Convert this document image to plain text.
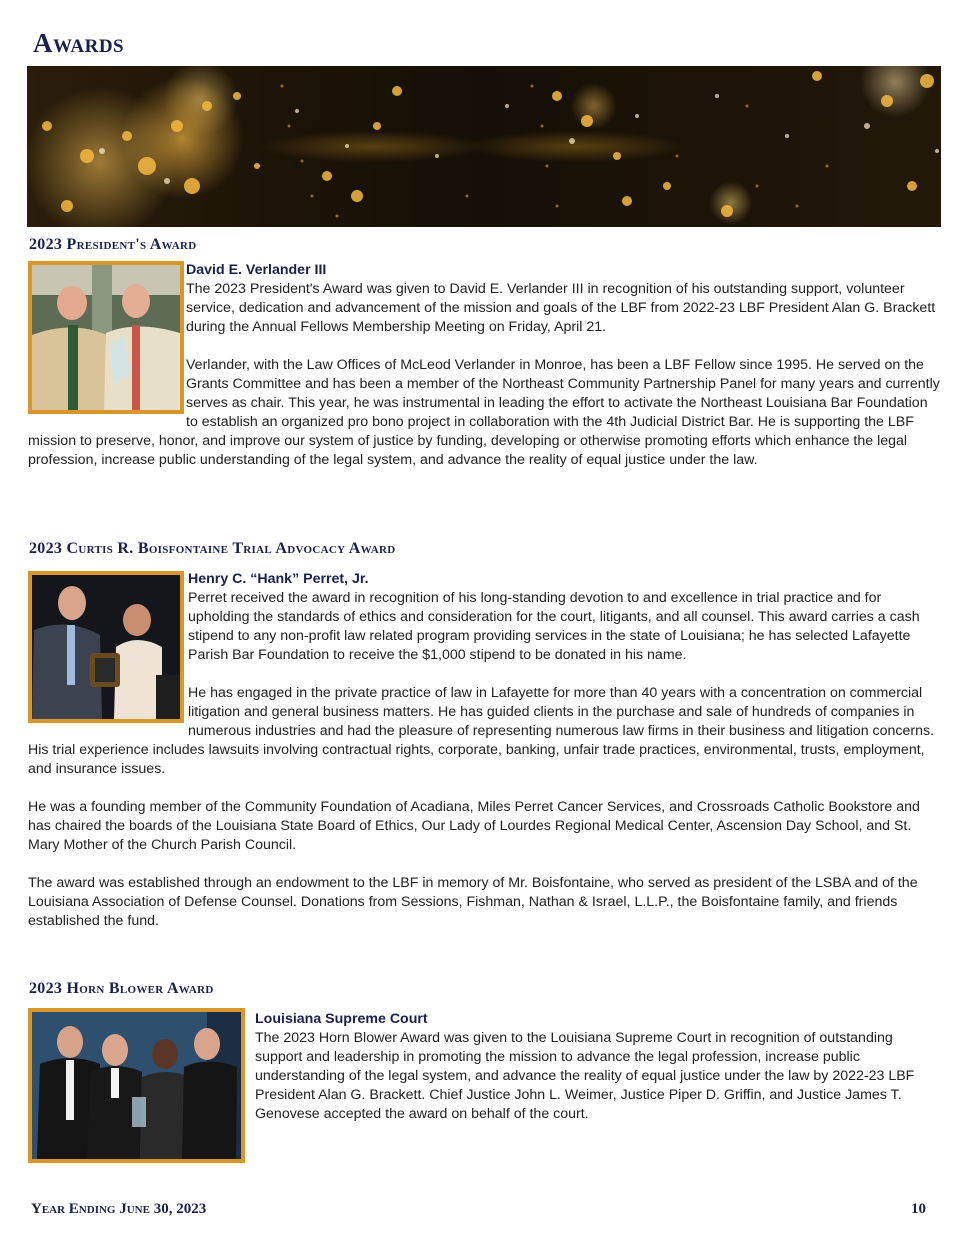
Awards
2023 President's Award
David E. Verlander III
The 2023 President's Award was given to David E. Verlander III in recognition of his outstanding support, volunteer service, dedication and advancement of the mission and goals of the LBF from 2022-23 LBF President Alan G. Brackett during the Annual Fellows Membership Meeting on Friday, April 21.
Verlander, with the Law Offices of McLeod Verlander in Monroe, has been a LBF Fellow since 1995. He served on the Grants Committee and has been a member of the Northeast Community Partnership Panel for many years and currently serves as chair. This year, he was instrumental in leading the effort to activate the Northeast Louisiana Bar Foundation to establish an organized pro bono project in collaboration with the 4th Judicial District Bar. He is supporting the LBF mission to preserve, honor, and improve our system of justice by funding, developing or otherwise promoting efforts which enhance the legal profession, increase public understanding of the legal system, and advance the reality of equal justice under the law.
2023 Curtis R. Boisfontaine Trial Advocacy Award
Henry C. “Hank” Perret, Jr.
Perret received the award in recognition of his long-standing devotion to and excellence in trial practice and for upholding the standards of ethics and consideration for the court, litigants, and all counsel. This award carries a cash stipend to any non-profit law related program providing services in the state of Louisiana; he has selected Lafayette Parish Bar Foundation to receive the $1,000 stipend to be donated in his name.
He has engaged in the private practice of law in Lafayette for more than 40 years with a concentration on commercial litigation and general business matters. He has guided clients in the purchase and sale of hundreds of companies in numerous industries and had the pleasure of representing numerous law firms in their business and litigation concerns. His trial experience includes lawsuits involving contractual rights, corporate, banking, unfair trade practices, environmental, trusts, employment, and insurance issues.
He was a founding member of the Community Foundation of Acadiana, Miles Perret Cancer Services, and Crossroads Catholic Bookstore and has chaired the boards of the Louisiana State Board of Ethics, Our Lady of Lourdes Regional Medical Center, Ascension Day School, and St. Mary Mother of the Church Parish Council.
The award was established through an endowment to the LBF in memory of Mr. Boisfontaine, who served as president of the LSBA and of the Louisiana Association of Defense Counsel. Donations from Sessions, Fishman, Nathan & Israel, L.L.P., the Boisfontaine family, and friends established the fund.
2023 Horn Blower Award
Louisiana Supreme Court
The 2023 Horn Blower Award was given to the Louisiana Supreme Court in recognition of outstanding support and leadership in promoting the mission to advance the legal profession, increase public understanding of the legal system, and advance the reality of equal justice under the law by 2022-23 LBF President Alan G. Brackett. Chief Justice John L. Weimer, Justice Piper D. Griffin, and Justice James T. Genovese accepted the award on behalf of the court.
Year Ending June 30, 2023	10
